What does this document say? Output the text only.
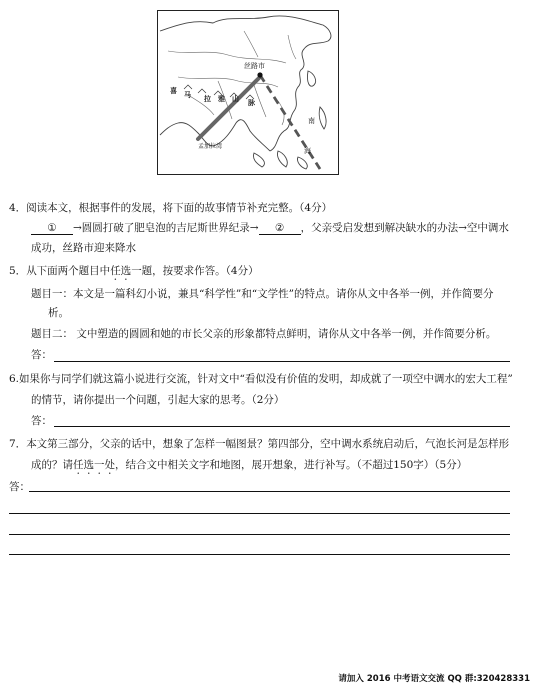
丝路市
喜 马 拉 雅 山 脉
孟加拉湾
南
海
4．阅读本文，根据事件的发展，将下面的故事情节补充完整。（4分）
① →圆圆打破了肥皂泡的吉尼斯世界纪录→ ② ，父亲受启发想到解决缺水的办法→空中调水
成功，丝路市迎来降水
5．从下面两个题目中任选一题，按要求作答。（4分）
题目一：本文是一篇科幻小说，兼具“科学性”和“文学性”的特点。请你从文中各举一例，并作简要分
析。
题目二： 文中塑造的圆圆和她的市长父亲的形象都特点鲜明，请你从文中各举一例，并作简要分析。
答：
6.如果你与同学们就这篇小说进行交流，针对文中“看似没有价值的发明，却成就了一项空中调水的宏大工程”
的情节，请你提出一个问题，引起大家的思考。（2分）
答：
7．本文第三部分，父亲的话中，想象了怎样一幅图景？第四部分，空中调水系统启动后，气泡长河是怎样形
成的？请任选一处，结合文中相关文字和地图，展开想象，进行补写。（不超过150字）（5分）
答：
请加入 2016 中考语文交流 QQ 群:320428331
